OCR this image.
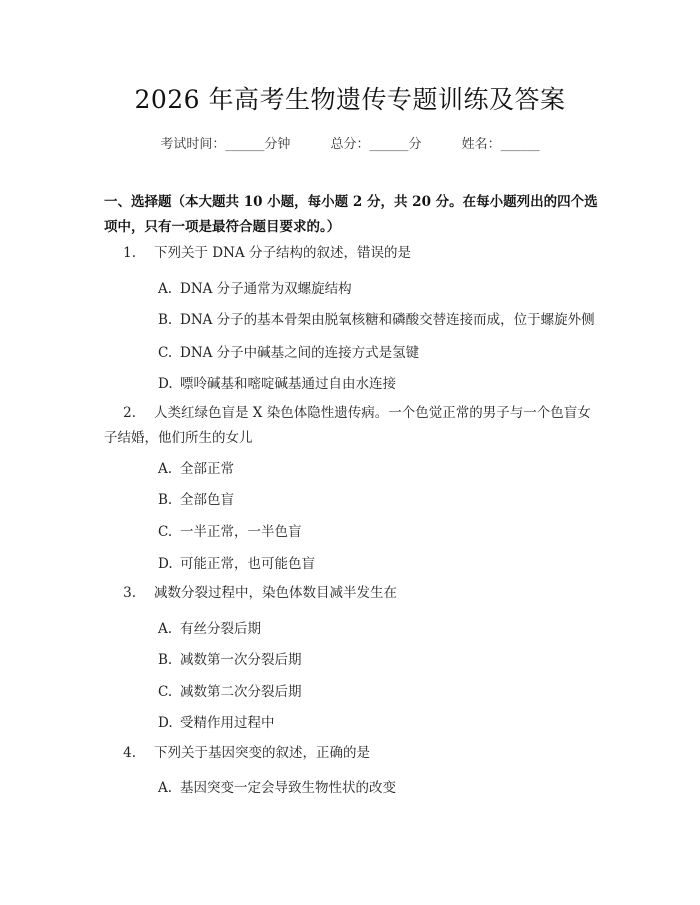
2026 年高考生物遗传专题训练及答案
考试时间：______分钟	总分：______分	姓名：______
一、选择题（本大题共 10 小题，每小题 2 分，共 20 分。在每小题列出的四个选项中，只有一项是最符合题目要求的。）
1. 下列关于 DNA 分子结构的叙述，错误的是
A. DNA 分子通常为双螺旋结构
B. DNA 分子的基本骨架由脱氧核糖和磷酸交替连接而成，位于螺旋外侧
C. DNA 分子中碱基之间的连接方式是氢键
D. 嘌呤碱基和嘧啶碱基通过自由水连接
2. 人类红绿色盲是 X 染色体隐性遗传病。一个色觉正常的男子与一个色盲女子结婚，他们所生的女儿
A. 全部正常
B. 全部色盲
C. 一半正常，一半色盲
D. 可能正常，也可能色盲
3. 减数分裂过程中，染色体数目减半发生在
A. 有丝分裂后期
B. 减数第一次分裂后期
C. 减数第二次分裂后期
D. 受精作用过程中
4. 下列关于基因突变的叙述，正确的是
A. 基因突变一定会导致生物性状的改变
